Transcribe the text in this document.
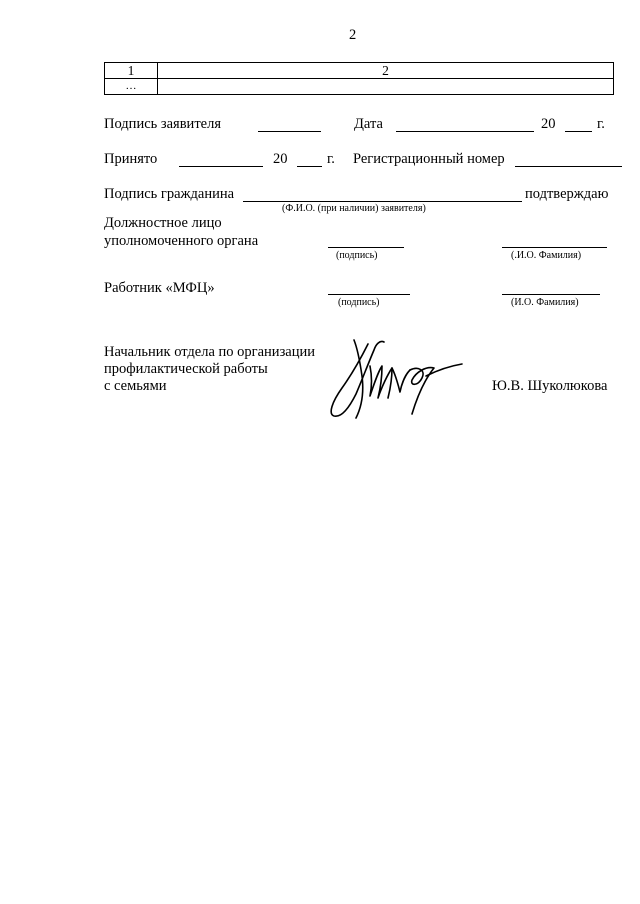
2
1	2
…	
Подпись заявителя	Дата	20	г.
Принято	20	г. Регистрационный номер
Подпись гражданина	подтверждаю
(Ф.И.О. (при наличии) заявителя)
Должностное лицо
уполномоченного органа
(подпись)	(.И.О. Фамилия)
Работник «МФЦ»
(подпись)	(И.О. Фамилия)
Начальник отдела по организации
профилактической работы
с семьями	Ю.В. Шуколюкова
